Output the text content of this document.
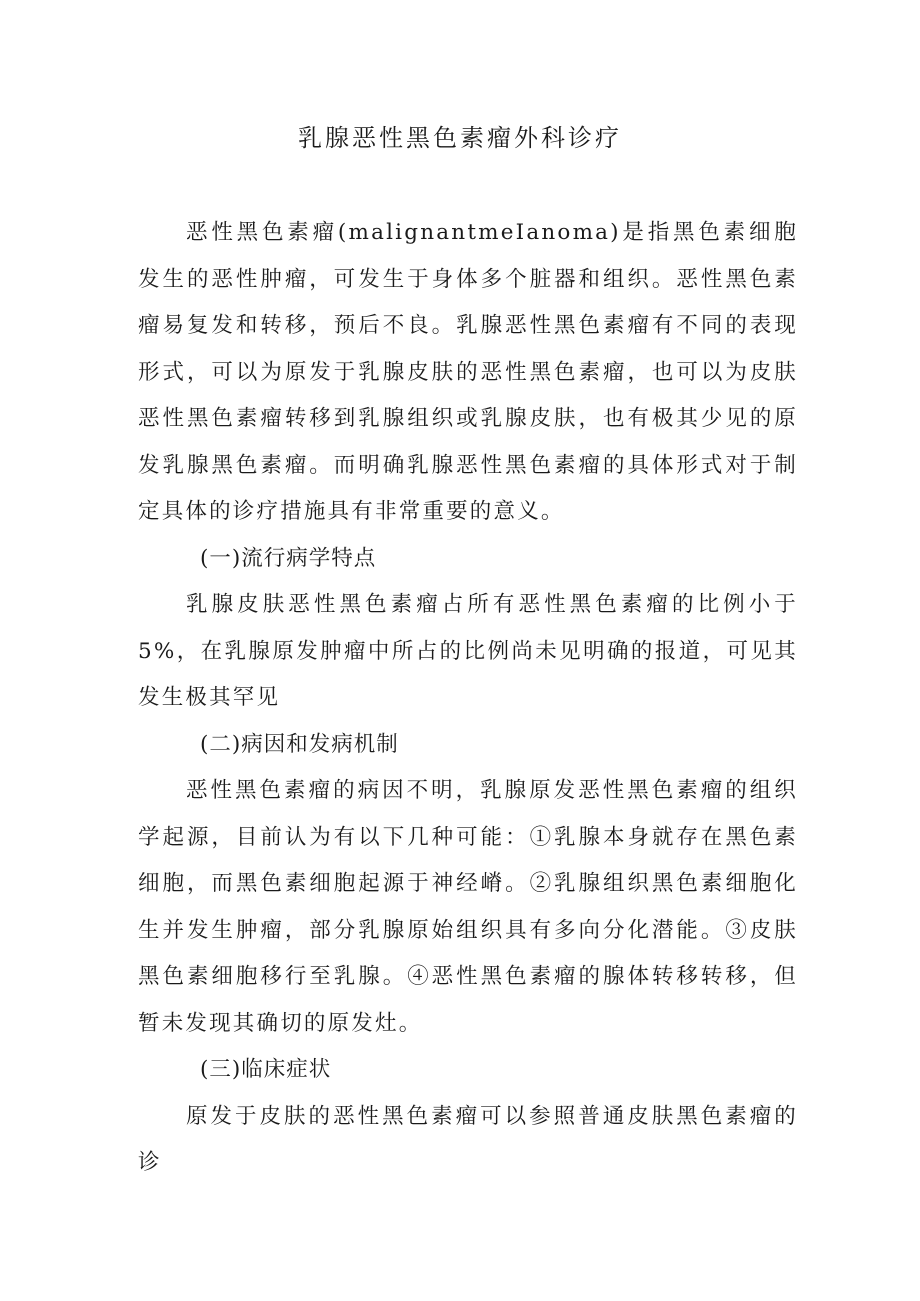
乳腺恶性黑色素瘤外科诊疗

恶性黑色素瘤(malignantmeIanoma)是指黑色素细胞发生的恶性肿瘤，可发生于身体多个脏器和组织。恶性黑色素瘤易复发和转移，预后不良。乳腺恶性黑色素瘤有不同的表现形式，可以为原发于乳腺皮肤的恶性黑色素瘤，也可以为皮肤恶性黑色素瘤转移到乳腺组织或乳腺皮肤，也有极其少见的原发乳腺黑色素瘤。而明确乳腺恶性黑色素瘤的具体形式对于制定具体的诊疗措施具有非常重要的意义。

(一)流行病学特点

乳腺皮肤恶性黑色素瘤占所有恶性黑色素瘤的比例小于5%，在乳腺原发肿瘤中所占的比例尚未见明确的报道，可见其发生极其罕见

(二)病因和发病机制

恶性黑色素瘤的病因不明，乳腺原发恶性黑色素瘤的组织学起源，目前认为有以下几种可能：①乳腺本身就存在黑色素细胞，而黑色素细胞起源于神经嵴。②乳腺组织黑色素细胞化生并发生肿瘤，部分乳腺原始组织具有多向分化潜能。③皮肤黑色素细胞移行至乳腺。④恶性黑色素瘤的腺体转移转移，但暂未发现其确切的原发灶。

(三)临床症状

原发于皮肤的恶性黑色素瘤可以参照普通皮肤黑色素瘤的诊
